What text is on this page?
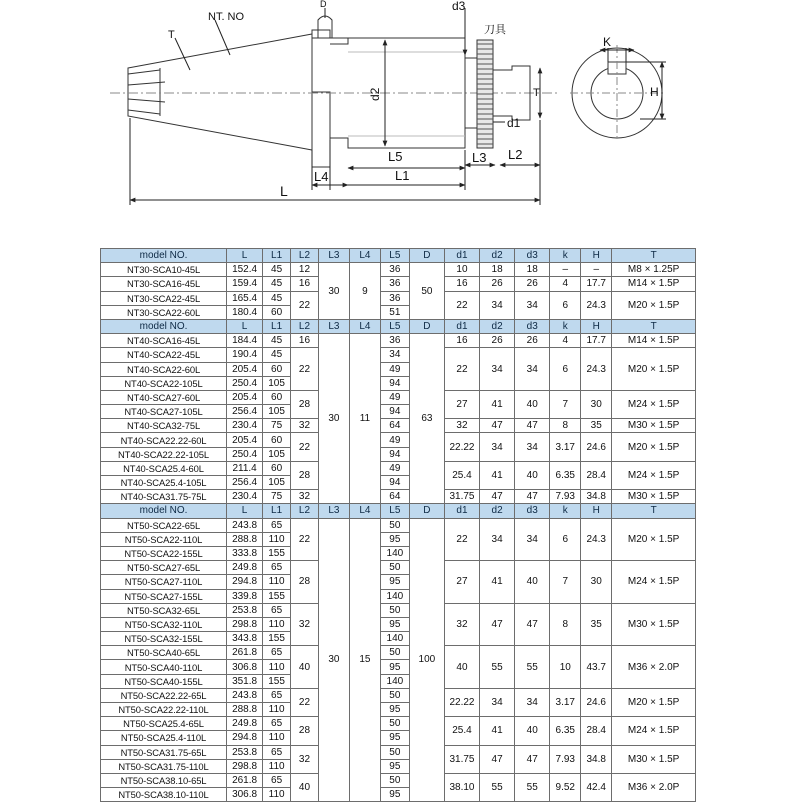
NT. NO
T
D	d3
刀具
d2
d1
T
L5	L3 L2
L4	L1
L
K
H
model NO.	L	L1	L2	L3	L4	L5	D	d1	d2	d3	k	H	T
NT30-SCA10-45L	152.4	45	12	30	9	36	50	10	18	18	–	–	M8 × 1.25P
NT30-SCA16-45L	159.4	45	16			36		16	26	26	4	17.7	M14 × 1.5P
NT30-SCA22-45L	165.4	45	22			36		22	34	34	6	24.3	M20 × 1.5P
NT30-SCA22-60L	180.4	60				51							
model NO.	L	L1	L2	L3	L4	L5	D	d1	d2	d3	k	H	T
NT40-SCA16-45L	184.4	45	16	30	11	36	63	16	26	26	4	17.7	M14 × 1.5P
NT40-SCA22-45L	190.4	45	22			34		22	34	34	6	24.3	M20 × 1.5P
NT40-SCA22-60L	205.4	60				49							
NT40-SCA22-105L	250.4	105				94							
NT40-SCA27-60L	205.4	60	28			49		27	41	40	7	30	M24 × 1.5P
NT40-SCA27-105L	256.4	105				94							
NT40-SCA32-75L	230.4	75	32			64		32	47	47	8	35	M30 × 1.5P
NT40-SCA22.22-60L	205.4	60	22			49		22.22	34	34	3.17	24.6	M20 × 1.5P
NT40-SCA22.22-105L	250.4	105				94							
NT40-SCA25.4-60L	211.4	60	28			49		25.4	41	40	6.35	28.4	M24 × 1.5P
NT40-SCA25.4-105L	256.4	105				94							
NT40-SCA31.75-75L	230.4	75	32			64		31.75	47	47	7.93	34.8	M30 × 1.5P
model NO.	L	L1	L2	L3	L4	L5	D	d1	d2	d3	k	H	T
NT50-SCA22-65L	243.8	65	22	30	15	50	100	22	34	34	6	24.3	M20 × 1.5P
NT50-SCA22-110L	288.8	110				95							
NT50-SCA22-155L	333.8	155				140							
NT50-SCA27-65L	249.8	65	28			50		27	41	40	7	30	M24 × 1.5P
NT50-SCA27-110L	294.8	110				95							
NT50-SCA27-155L	339.8	155				140							
NT50-SCA32-65L	253.8	65	32			50		32	47	47	8	35	M30 × 1.5P
NT50-SCA32-110L	298.8	110				95							
NT50-SCA32-155L	343.8	155				140							
NT50-SCA40-65L	261.8	65	40			50		40	55	55	10	43.7	M36 × 2.0P
NT50-SCA40-110L	306.8	110				95							
NT50-SCA40-155L	351.8	155				140							
NT50-SCA22.22-65L	243.8	65	22			50		22.22	34	34	3.17	24.6	M20 × 1.5P
NT50-SCA22.22-110L	288.8	110				95							
NT50-SCA25.4-65L	249.8	65	28			50		25.4	41	40	6.35	28.4	M24 × 1.5P
NT50-SCA25.4-110L	294.8	110				95							
NT50-SCA31.75-65L	253.8	65	32			50		31.75	47	47	7.93	34.8	M30 × 1.5P
NT50-SCA31.75-110L	298.8	110				95							
NT50-SCA38.10-65L	261.8	65	40			50		38.10	55	55	9.52	42.4	M36 × 2.0P
NT50-SCA38.10-110L	306.8	110				95							
